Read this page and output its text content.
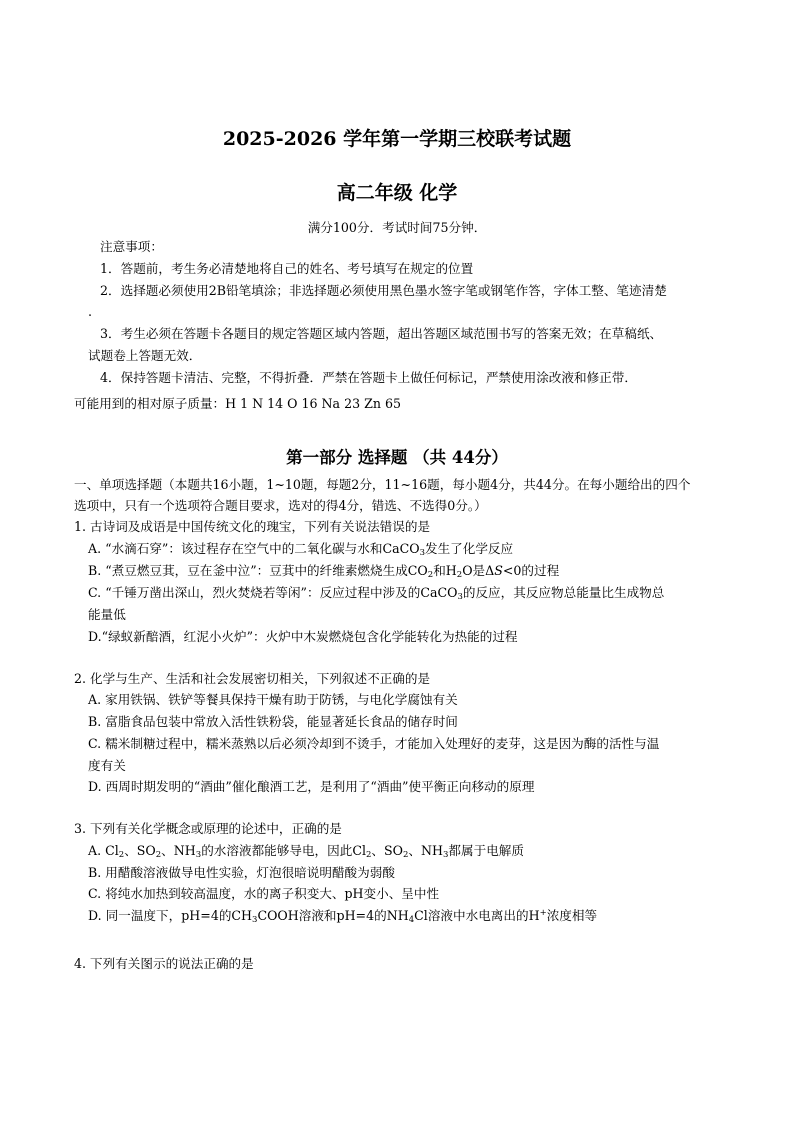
2025-2026 学年第一学期三校联考试题
高二年级 化学
满分100分．考试时间75分钟．
注意事项：
1．答题前，考生务必清楚地将自己的姓名、考号填写在规定的位置
2．选择题必须使用2B铅笔填涂；非选择题必须使用黑色墨水签字笔或钢笔作答，字体工整、笔迹清楚
.
3．考生必须在答题卡各题目的规定答题区域内答题，超出答题区域范围书写的答案无效；在草稿纸、
试题卷上答题无效．
4．保持答题卡清洁、完整，不得折叠．严禁在答题卡上做任何标记，严禁使用涂改液和修正带．
可能用到的相对原子质量：H 1 N 14 O 16 Na 23 Zn 65
第一部分 选择题 （共 44分）
一、单项选择题（本题共16小题，1~10题，每题2分，11~16题，每小题4分，共44分。在每小题给出的四个
选项中，只有一个选项符合题目要求，选对的得4分，错选、不选得0分。）
1. 古诗词及成语是中国传统文化的瑰宝，下列有关说法错误的是
A. “水滴石穿”：该过程存在空气中的二氧化碳与水和CaCO$_3$发生了化学反应
B. “煮豆燃豆萁，豆在釜中泣”：豆萁中的纤维素燃烧生成$CO_2$和$H_2O$是ΔS<0的过程
C. “千锤万凿出深山，烈火焚烧若等闲”：反应过程中涉及的CaCO$_3$的反应，其反应物总能量比生成物总
能量低
D.“绿蚁新醅酒，红泥小火炉”：火炉中木炭燃烧包含化学能转化为热能的过程
2. 化学与生产、生活和社会发展密切相关，下列叙述不正确的是
A. 家用铁锅、铁铲等餐具保持干燥有助于防锈，与电化学腐蚀有关
B. 富脂食品包装中常放入活性铁粉袋，能显著延长食品的储存时间
C. 糯米制糖过程中，糯米蒸熟以后必须冷却到不烫手，才能加入处理好的麦芽，这是因为酶的活性与温
度有关
D. 西周时期发明的“酒曲”催化酿酒工艺，是利用了“酒曲”使平衡正向移动的原理
3. 下列有关化学概念或原理的论述中，正确的是
A. $Cl_2$、$SO_2$、$NH_3$的水溶液都能够导电，因此$Cl_2$、$SO_2$、$NH_3$都属于电解质
B. 用醋酸溶液做导电性实验，灯泡很暗说明醋酸为弱酸
C. 将纯水加热到较高温度，水的离子积变大、pH变小、呈中性
D. 同一温度下，pH=4的$CH_3COOH$溶液和pH=4的$NH_4Cl$溶液中水电离出的H+浓度相等
4. 下列有关图示的说法正确的是
